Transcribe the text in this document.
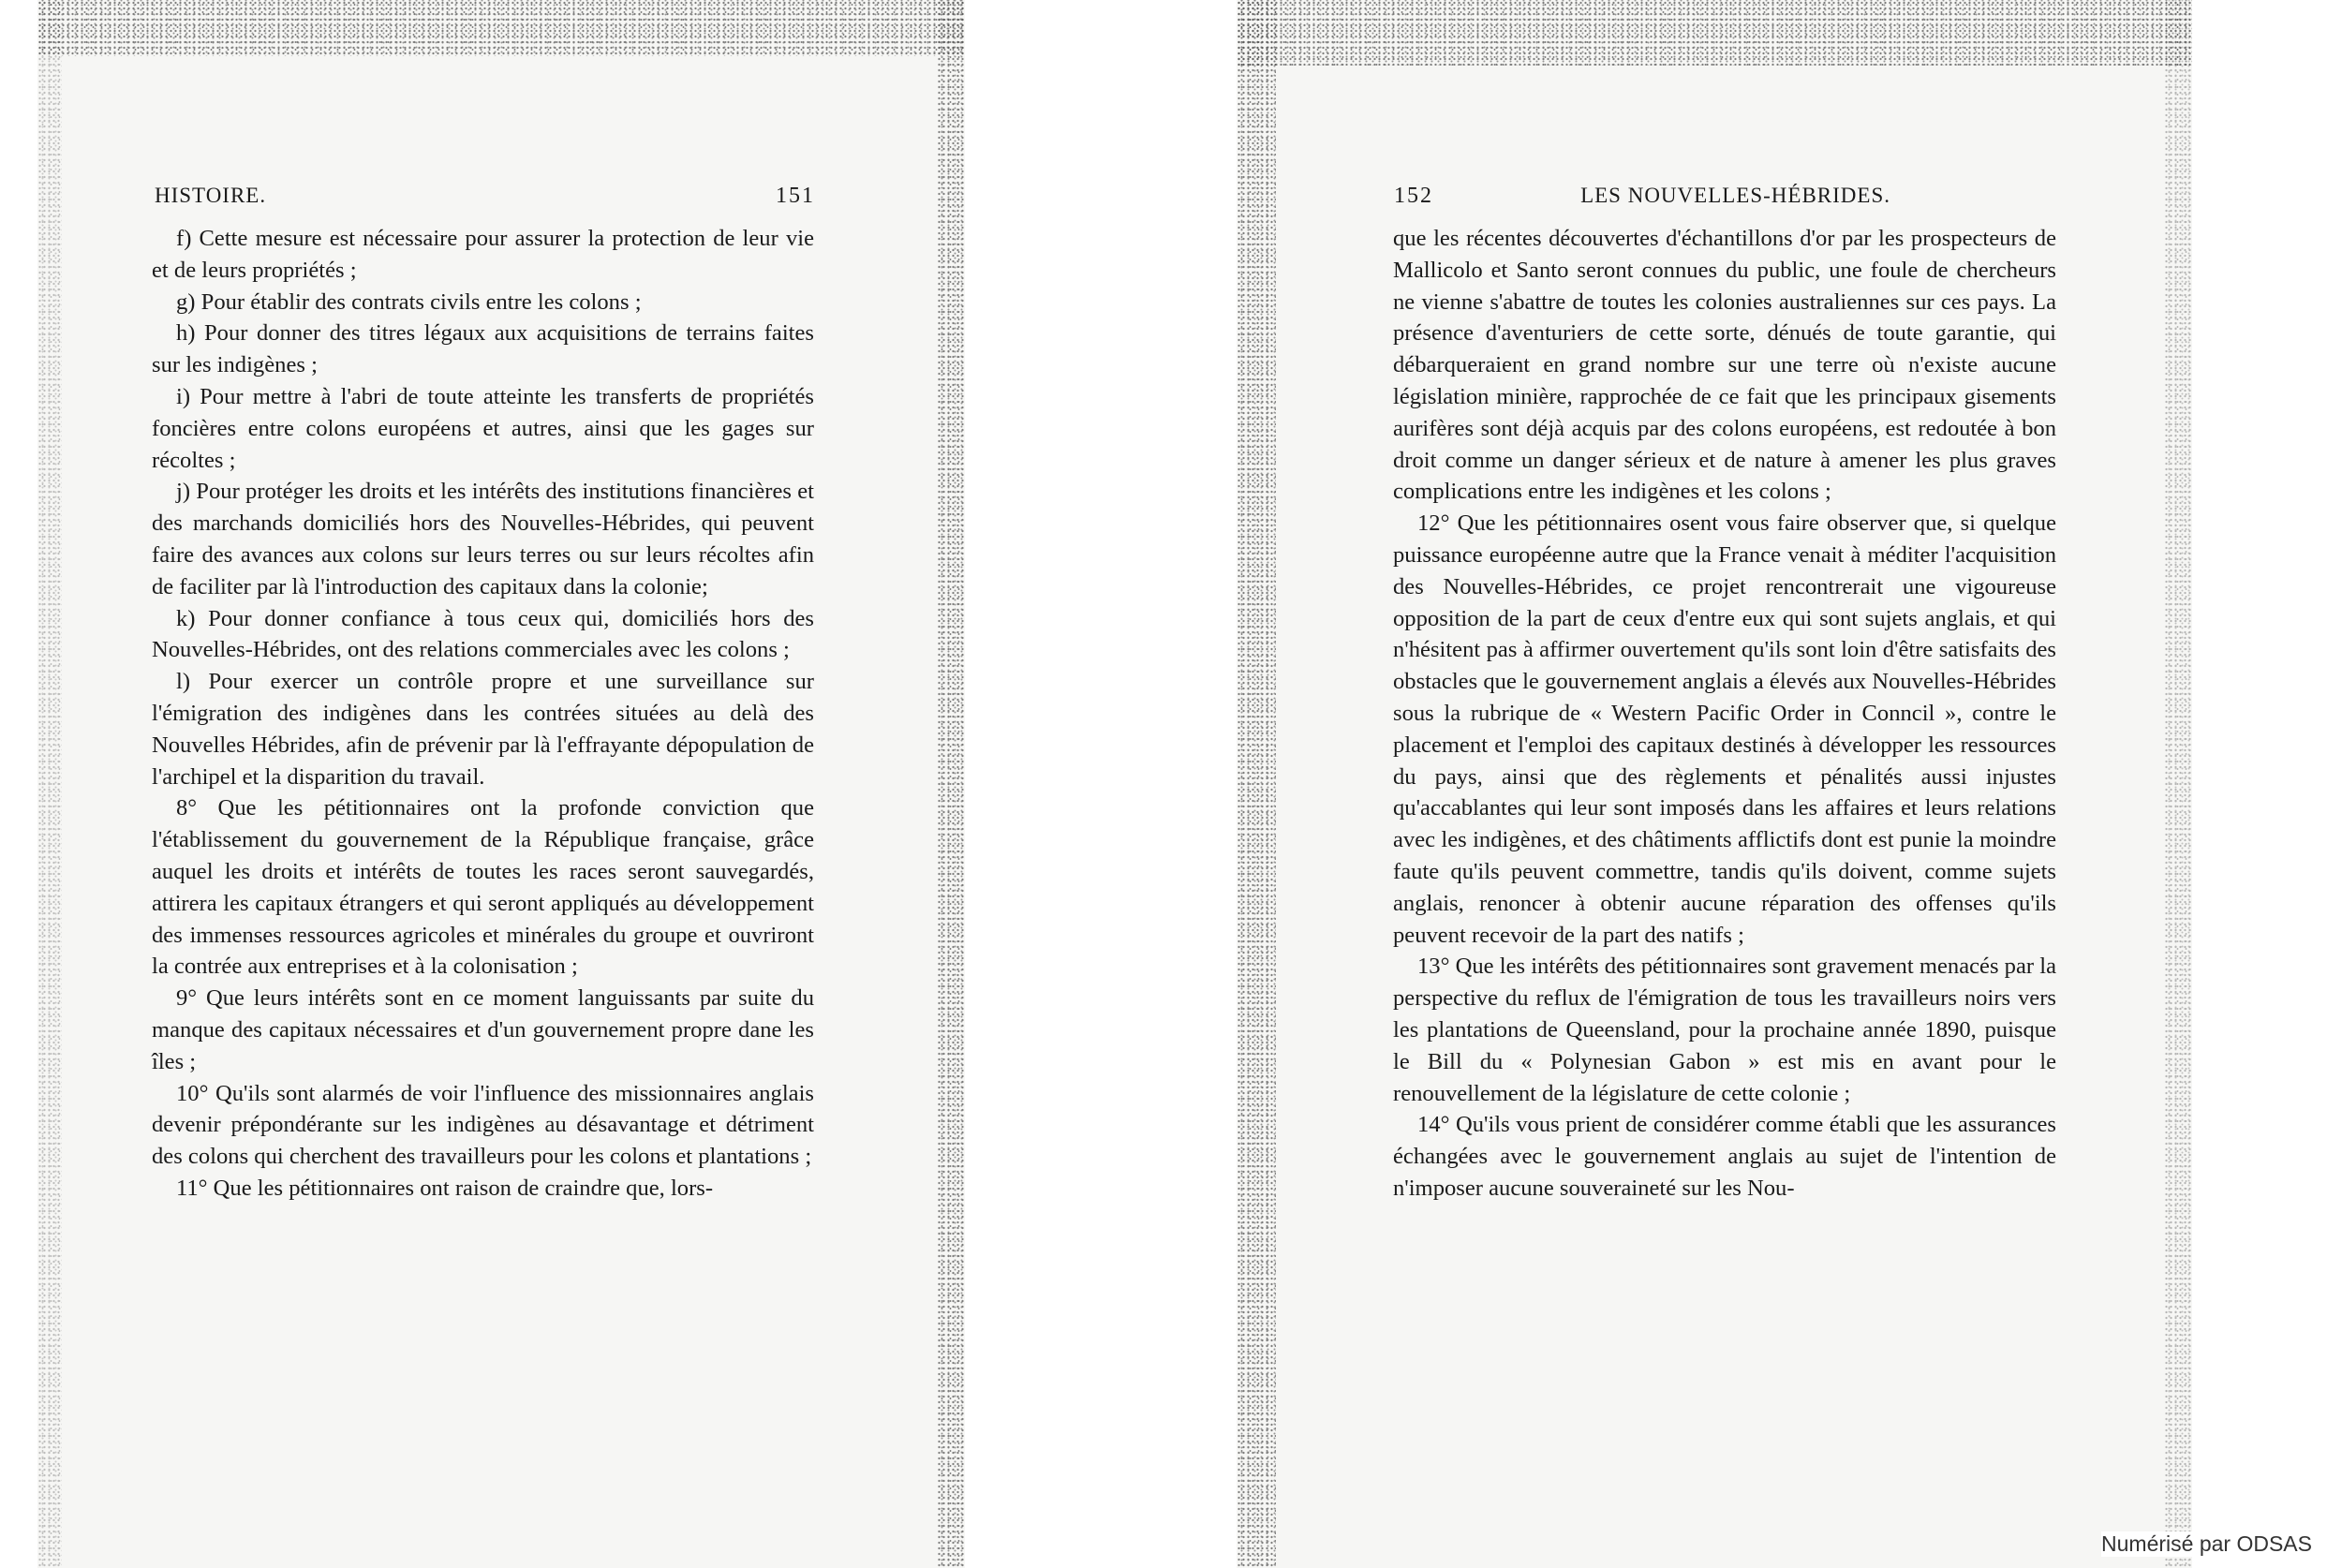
HISTOIRE.	151

f) Cette mesure est nécessaire pour assurer la protection de leur vie et de leurs propriétés ;

g) Pour établir des contrats civils entre les colons ;

h) Pour donner des titres légaux aux acquisitions de terrains faites sur les indigènes ;

i) Pour mettre à l'abri de toute atteinte les transferts de propriétés foncières entre colons européens et autres, ainsi que les gages sur récoltes ;

j) Pour protéger les droits et les intérêts des institutions financières et des marchands domiciliés hors des Nouvelles-Hébrides, qui peuvent faire des avances aux colons sur leurs terres ou sur leurs récoltes afin de faciliter par là l'introduction des capitaux dans la colonie;

k) Pour donner confiance à tous ceux qui, domiciliés hors des Nouvelles-Hébrides, ont des relations commerciales avec les colons ;

l) Pour exercer un contrôle propre et une surveillance sur l'émigration des indigènes dans les contrées situées au delà des Nouvelles Hébrides, afin de prévenir par là l'effrayante dépopulation de l'archipel et la disparition du travail.

8° Que les pétitionnaires ont la profonde conviction que l'établissement du gouvernement de la République française, grâce auquel les droits et intérêts de toutes les races seront sauvegardés, attirera les capitaux étrangers et qui seront appliqués au développement des immenses ressources agricoles et minérales du groupe et ouvriront la contrée aux entreprises et à la colonisation ;

9° Que leurs intérêts sont en ce moment languissants par suite du manque des capitaux nécessaires et d'un gouvernement propre dane les îles ;

10° Qu'ils sont alarmés de voir l'influence des missionnaires anglais devenir prépondérante sur les indigènes au désavantage et détriment des colons qui cherchent des travailleurs pour les colons et plantations ;

11° Que les pétitionnaires ont raison de craindre que, lors-

152	LES NOUVELLES-HÉBRIDES.

que les récentes découvertes d'échantillons d'or par les prospecteurs de Mallicolo et Santo seront connues du public, une foule de chercheurs ne vienne s'abattre de toutes les colonies australiennes sur ces pays. La présence d'aventuriers de cette sorte, dénués de toute garantie, qui débarqueraient en grand nombre sur une terre où n'existe aucune législation minière, rapprochée de ce fait que les principaux gisements aurifères sont déjà acquis par des colons européens, est redoutée à bon droit comme un danger sérieux et de nature à amener les plus graves complications entre les indigènes et les colons ;

12° Que les pétitionnaires osent vous faire observer que, si quelque puissance européenne autre que la France venait à méditer l'acquisition des Nouvelles-Hébrides, ce projet rencontrerait une vigoureuse opposition de la part de ceux d'entre eux qui sont sujets anglais, et qui n'hésitent pas à affirmer ouvertement qu'ils sont loin d'être satisfaits des obstacles que le gouvernement anglais a élevés aux Nouvelles-Hébrides sous la rubrique de « Western Pacific Order in Conncil », contre le placement et l'emploi des capitaux destinés à développer les ressources du pays, ainsi que des règlements et pénalités aussi injustes qu'accablantes qui leur sont imposés dans les affaires et leurs relations avec les indigènes, et des châtiments afflictifs dont est punie la moindre faute qu'ils peuvent commettre, tandis qu'ils doivent, comme sujets anglais, renoncer à obtenir aucune réparation des offenses qu'ils peuvent recevoir de la part des natifs ;

13° Que les intérêts des pétitionnaires sont gravement menacés par la perspective du reflux de l'émigration de tous les travailleurs noirs vers les plantations de Queensland, pour la prochaine année 1890, puisque le Bill du « Polynesian Gabon » est mis en avant pour le renouvellement de la législature de cette colonie ;

14° Qu'ils vous prient de considérer comme établi que les assurances échangées avec le gouvernement anglais au sujet de l'intention de n'imposer aucune souveraineté sur les Nou-

Numérisé par ODSAS
